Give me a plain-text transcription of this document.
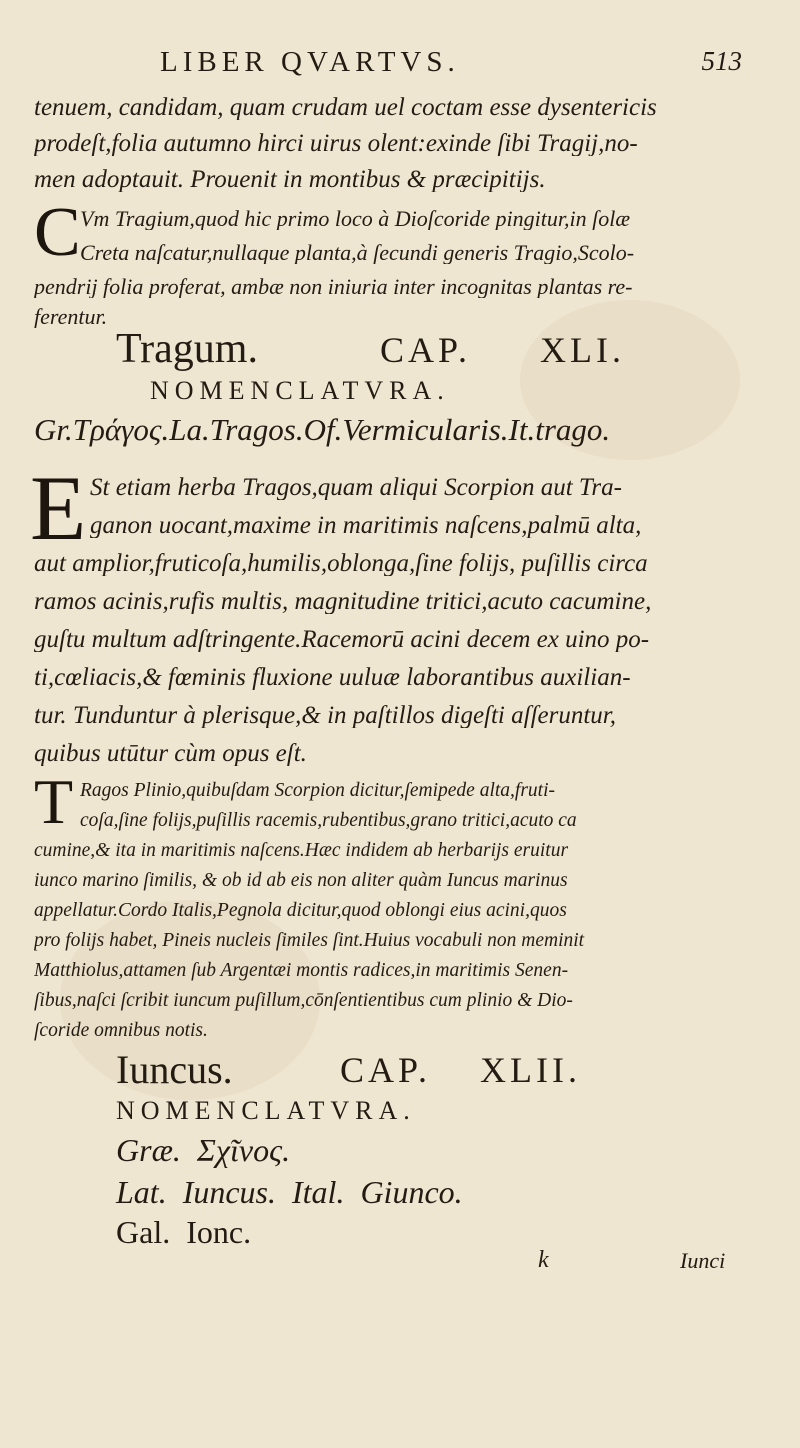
LIBER QVARTVS.	513
tenuem, candidam, quam crudam uel coctam esse dysentericis
prodeſt,folia autumno hirci uirus olent:exinde ſibi Tragij,no-
men adoptauit. Prouenit in montibus & præcipitijs.
C Vm Tragium,quod hic primo loco à Dioſcoride pingitur,in ſolæ
Creta naſcatur,nullaque planta,à ſecundi generis Tragio,Scolo-
pendrij folia proferat, ambæ non iniuria inter incognitas plantas re-
ferentur.
Tragum.	CAP. XLI.
NOMENCLATVRA.
Gr.Τράγος.La.Tragos.Of.Vermicularis.It.trago.
E St etiam herba Tragos,quam aliqui Scorpion aut Tra-
ganon uocant,maxime in maritimis naſcens,palmū alta,
aut amplior,fruticoſa,humilis,oblonga,ſine folijs, puſillis circa
ramos acinis,rufis multis, magnitudine tritici,acuto cacumine,
guſtu multum adſtringente.Racemorū acini decem ex uino po-
ti,cœliacis,& fœminis fluxione uuluæ laborantibus auxilian-
tur. Tunduntur à plerisque,& in paſtillos digeſti aſſeruntur,
quibus utūtur cùm opus eſt.
T Ragos Plinio,quibuſdam Scorpion dicitur,ſemipede alta,fruti-
coſa,ſine folijs,puſillis racemis,rubentibus,grano tritici,acuto ca
cumine,& ita in maritimis naſcens.Hæc indidem ab herbarijs eruitur
iunco marino ſimilis, & ob id ab eis non aliter quàm Iuncus marinus
appellatur.Cordo Italis,Pegnola dicitur,quod oblongi eius acini,quos
pro folijs habet, Pineis nucleis ſimiles ſint.Huius vocabuli non meminit
Matthiolus,attamen ſub Argentæi montis radices,in maritimis Senen-
ſibus,naſci ſcribit iuncum puſillum,cōnſentientibus cum plinio & Dio-
ſcoride omnibus notis.
Iuncus.	CAP. XLII.
NOMENCLATVRA.
Græ.  Σχῖνος.
Lat.  Iuncus.  Ital.  Giunco.
Gal.  Ionc.
k	Iunci
